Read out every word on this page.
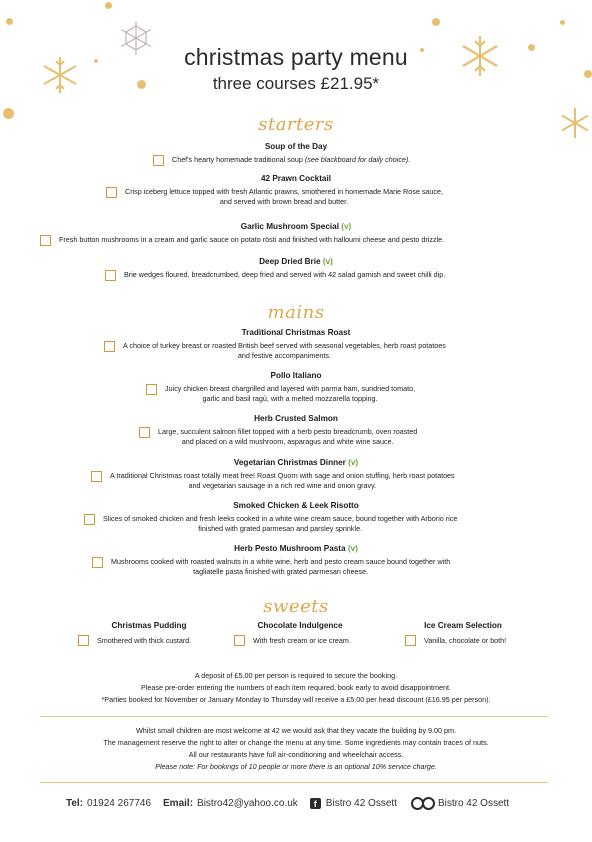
christmas party menu
three courses £21.95*
starters
Soup of the Day
Chef's hearty homemade traditional soup (see blackboard for daily choice).
42 Prawn Cocktail
Crisp iceberg lettuce topped with fresh Atlantic prawns, smothered in homemade Marie Rose sauce,
and served with brown bread and butter.
Garlic Mushroom Special (v)
Fresh button mushrooms in a cream and garlic sauce on potato rösti and finished with halloumi cheese and pesto drizzle.
Deep Dried Brie (v)
Brie wedges floured, breadcrumbed, deep fried and served with 42 salad garnish and sweet chilli dip.
mains
Traditional Christmas Roast
A choice of turkey breast or roasted British beef served with seasonal vegetables, herb roast potatoes
and festive accompaniments.
Pollo Italiano
Juicy chicken breast chargrilled and layered with parma ham, sundried tomato,
garlic and basil ragù, with a melted mozzarella topping.
Herb Crusted Salmon
Large, succulent salmon fillet topped with a herb pesto breadcrumb, oven roasted
and placed on a wild mushroom, asparagus and white wine sauce.
Vegetarian Christmas Dinner (v)
A traditional Christmas roast totally meat free! Roast Quorn with sage and onion stuffing, herb roast potatoes
and vegetarian sausage in a rich red wine and onion gravy.
Smoked Chicken & Leek Risotto
Slices of smoked chicken and fresh leeks cooked in a white wine cream sauce, bound together with Arborio rice
finished with grated parmesan and parsley sprinkle.
Herb Pesto Mushroom Pasta (v)
Mushrooms cooked with roasted walnuts in a white wine, herb and pesto cream sauce bound together with
tagliatelle pasta finished with grated parmesan cheese.
sweets
Christmas Pudding
Smothered with thick custard.
Chocolate Indulgence
With fresh cream or ice cream.
Ice Cream Selection
Vanilla, chocolate or both!
A deposit of £5.00 per person is required to secure the booking.
Please pre-order entering the numbers of each item required, book early to avoid disappointment.
*Parties booked for November or January Monday to Thursday will receive a £5.00 per head discount (£16.95 per person).
Whilst small children are most welcome at 42 we would ask that they vacate the building by 9.00 pm.
The management reserve the right to alter or change the menu at any time. Some ingredients may contain traces of nuts.
All our restaurants have full air-conditioning and wheelchair access.
Please note: For bookings of 10 people or more there is an optional 10% service charge.
Tel: 01924 267746 Email: Bistro42@yahoo.co.uk	f Bistro 42 Ossett	Bistro 42 Ossett
